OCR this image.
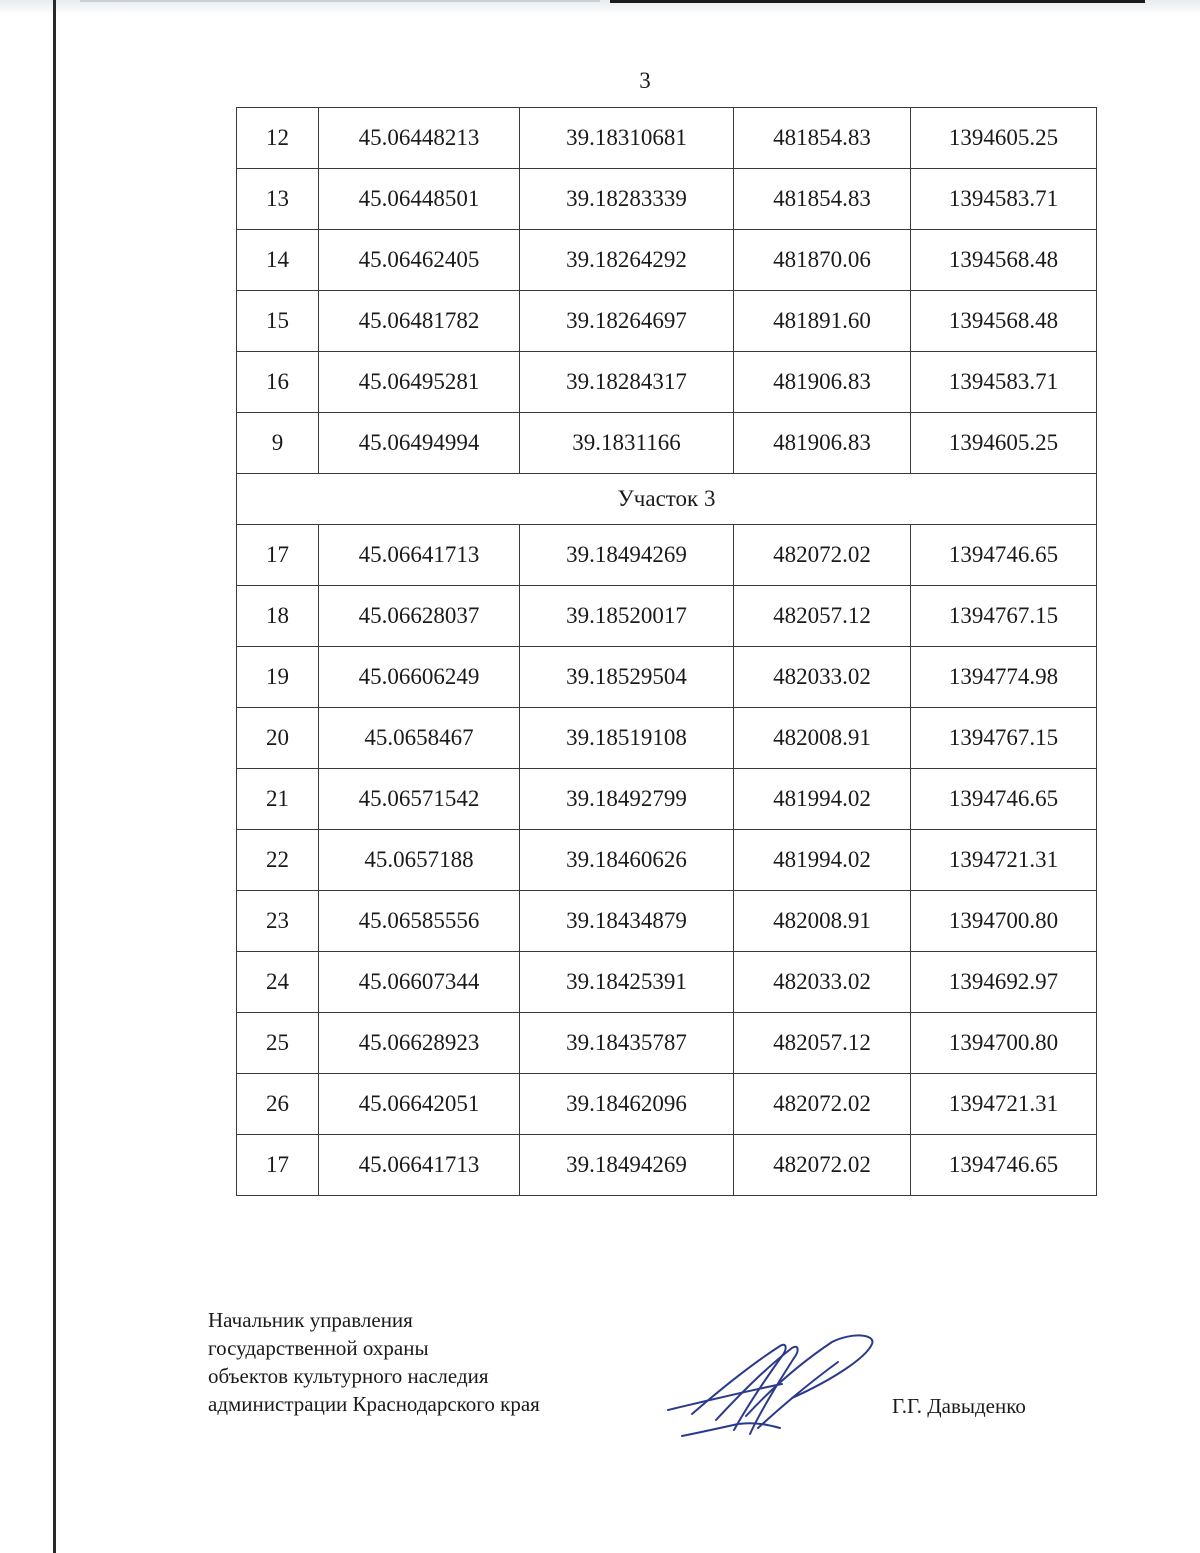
3
12	45.06448213	39.18310681	481854.83	1394605.25
13	45.06448501	39.18283339	481854.83	1394583.71
14	45.06462405	39.18264292	481870.06	1394568.48
15	45.06481782	39.18264697	481891.60	1394568.48
16	45.06495281	39.18284317	481906.83	1394583.71
9	45.06494994	39.1831166	481906.83	1394605.25
Участок 3				
17	45.06641713	39.18494269	482072.02	1394746.65
18	45.06628037	39.18520017	482057.12	1394767.15
19	45.06606249	39.18529504	482033.02	1394774.98
20	45.0658467	39.18519108	482008.91	1394767.15
21	45.06571542	39.18492799	481994.02	1394746.65
22	45.0657188	39.18460626	481994.02	1394721.31
23	45.06585556	39.18434879	482008.91	1394700.80
24	45.06607344	39.18425391	482033.02	1394692.97
25	45.06628923	39.18435787	482057.12	1394700.80
26	45.06642051	39.18462096	482072.02	1394721.31
17	45.06641713	39.18494269	482072.02	1394746.65
Начальник управления
государственной охраны
объектов культурного наследия
администрации Краснодарского края	Г.Г. Давыденко
